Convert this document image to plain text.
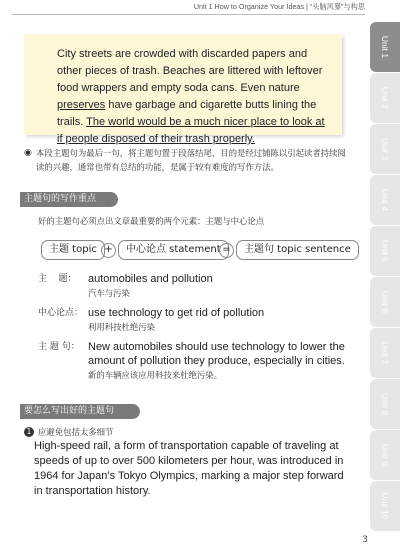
Unit 1 How to Organize Your Ideas | “头脑风暴”与构思
Unit 1
Unit 2
Unit 3
Unit 4
Unit 5
Unit 6
Unit 7
Unit 8
Unit 9
Unit 10
City streets are crowded with discarded papers and other pieces of trash. Beaches are littered with leftover food wrappers and empty soda cans. Even nature preserves have garbage and cigarette butts lining the trails. The world would be a much nicer place to look at if people disposed of their trash properly.
◉ 本段主题句为最后一句，将主题句置于段落结尾，目的是经过铺陈以引起读者持续阅读的兴趣，通常也带有总结的功能，是属于较有难度的写作方法。
主题句的写作重点
好的主题句必须点出文章最重要的两个元素：主题与中心论点
主题 topic +	中心论点 statement =	主题句 topic sentence
主    题： automobiles and pollution
汽车与污染
中心论点： use technology to get rid of pollution
利用科技杜绝污染
主 题 句： New automobiles should use technology to lower the amount of pollution they produce, especially in cities.
新的车辆应该应用科技来杜绝污染。
要怎么写出好的主题句
1 应避免包括太多细节
High-speed rail, a form of transportation capable of traveling at speeds of up to over 500 kilometers per hour, was introduced in 1964 for Japan’s Tokyo Olympics, marking a major step forward in transportation history.
3
